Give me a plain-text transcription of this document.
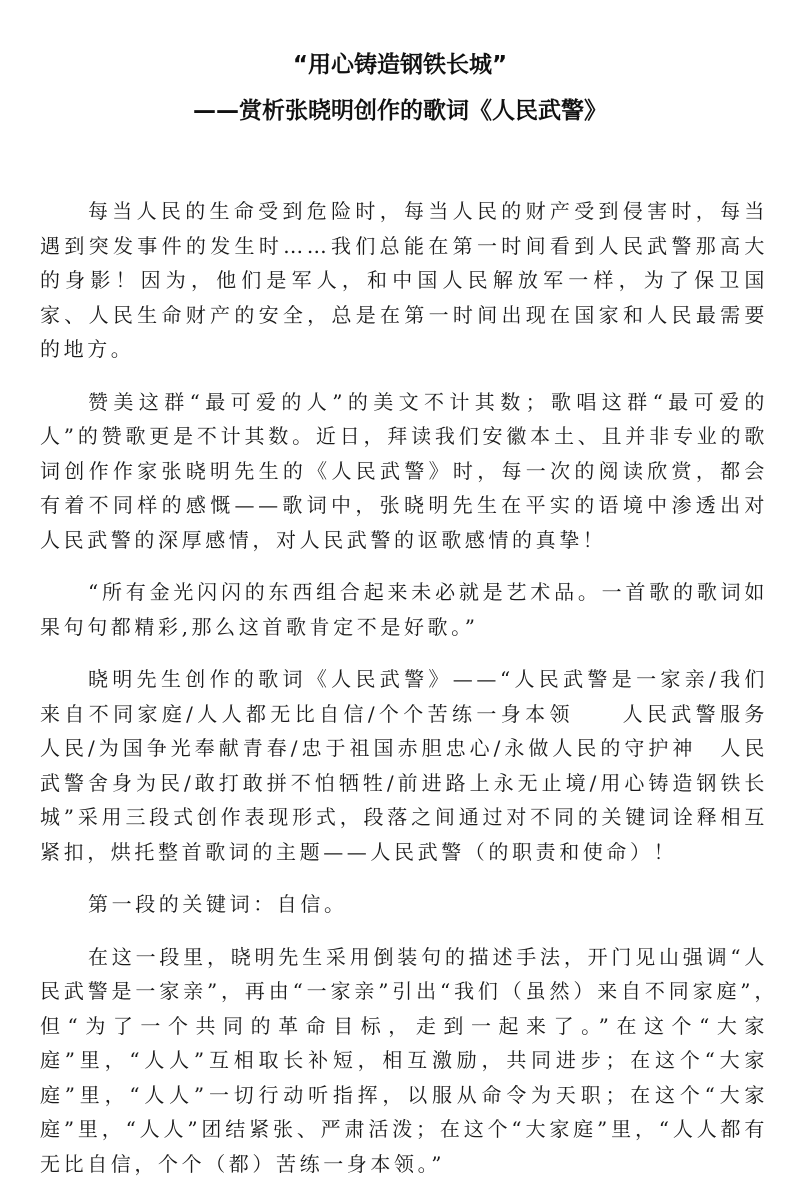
“用心铸造钢铁长城”
——赏析张晓明创作的歌词《人民武警》

每当人民的生命受到危险时，每当人民的财产受到侵害时，每当遇到突发事件的发生时……我们总能在第一时间看到人民武警那高大的身影！因为，他们是军人，和中国人民解放军一样，为了保卫国家、人民生命财产的安全，总是在第一时间出现在国家和人民最需要的地方。

赞美这群“最可爱的人”的美文不计其数；歌唱这群“最可爱的人”的赞歌更是不计其数。近日，拜读我们安徽本土、且并非专业的歌词创作作家张晓明先生的《人民武警》时，每一次的阅读欣赏，都会有着不同样的感慨——歌词中，张晓明先生在平实的语境中渗透出对人民武警的深厚感情，对人民武警的讴歌感情的真挚！

“所有金光闪闪的东西组合起来未必就是艺术品。一首歌的歌词如果句句都精彩,那么这首歌肯定不是好歌。”

晓明先生创作的歌词《人民武警》——“人民武警是一家亲/我们来自不同家庭/人人都无比自信/个个苦练一身本领　　人民武警服务人民/为国争光奉献青春/忠于祖国赤胆忠心/永做人民的守护神　人民武警舍身为民/敢打敢拼不怕牺牲/前进路上永无止境/用心铸造钢铁长城”采用三段式创作表现形式，段落之间通过对不同的关键词诠释相互紧扣，烘托整首歌词的主题——人民武警（的职责和使命）！

第一段的关键词：自信。

在这一段里，晓明先生采用倒装句的描述手法，开门见山强调“人民武警是一家亲”，再由“一家亲”引出“我们（虽然）来自不同家庭”，　但“为了一个共同的革命目标，走到一起来了。”在这个“大家庭”里，“人人”互相取长补短，相互激励，共同进步；在这个“大家庭”里，“人人”一切行动听指挥，以服从命令为天职；在这个“大家庭”里，“人人”团结紧张、严肃活泼；在这个“大家庭”里，“人人都有无比自信，个个（都）苦练一身本领。”
